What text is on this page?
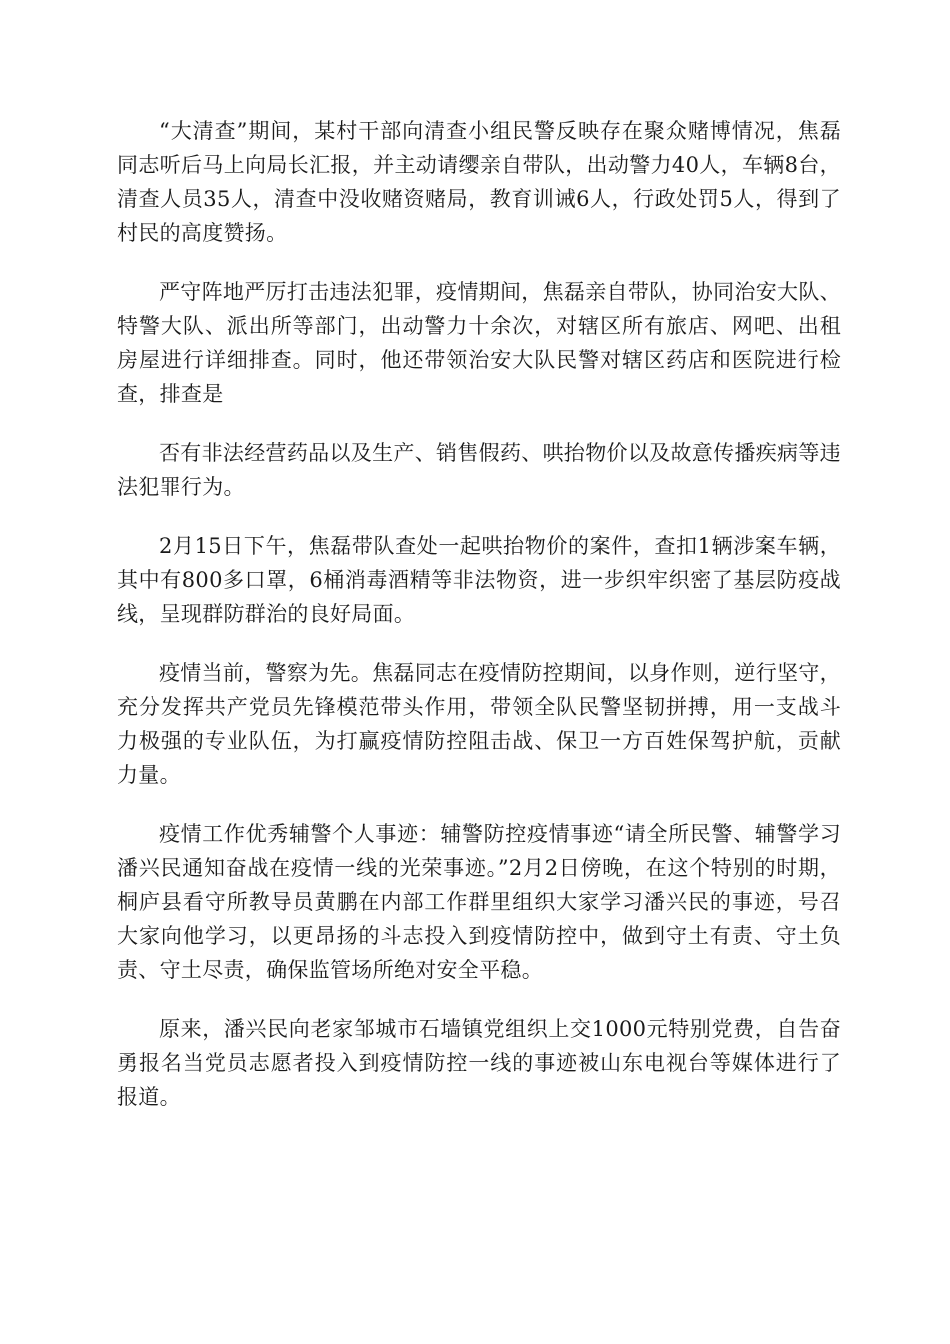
“大清查”期间，某村干部向清查小组民警反映存在聚众赌博情况，焦磊同志听后马上向局长汇报，并主动请缨亲自带队，出动警力40人，车辆8台，清查人员35人，清查中没收赌资赌局，教育训诫6人，行政处罚5人，得到了村民的高度赞扬。

严守阵地严厉打击违法犯罪，疫情期间，焦磊亲自带队，协同治安大队、特警大队、派出所等部门，出动警力十余次，对辖区所有旅店、网吧、出租房屋进行详细排查。同时，他还带领治安大队民警对辖区药店和医院进行检查，排查是

否有非法经营药品以及生产、销售假药、哄抬物价以及故意传播疾病等违法犯罪行为。

2月15日下午，焦磊带队查处一起哄抬物价的案件，查扣1辆涉案车辆，其中有800多口罩，6桶消毒酒精等非法物资，进一步织牢织密了基层防疫战线，呈现群防群治的良好局面。

疫情当前，警察为先。焦磊同志在疫情防控期间，以身作则，逆行坚守，充分发挥共产党员先锋模范带头作用，带领全队民警坚韧拼搏，用一支战斗力极强的专业队伍，为打赢疫情防控阻击战、保卫一方百姓保驾护航，贡献力量。

疫情工作优秀辅警个人事迹：辅警防控疫情事迹“请全所民警、辅警学习潘兴民通知奋战在疫情一线的光荣事迹。”2月2日傍晚，在这个特别的时期，桐庐县看守所教导员黄鹏在内部工作群里组织大家学习潘兴民的事迹，号召大家向他学习，以更昂扬的斗志投入到疫情防控中，做到守土有责、守土负责、守土尽责，确保监管场所绝对安全平稳。

原来，潘兴民向老家邹城市石墙镇党组织上交1000元特别党费，自告奋勇报名当党员志愿者投入到疫情防控一线的事迹被山东电视台等媒体进行了报道。
